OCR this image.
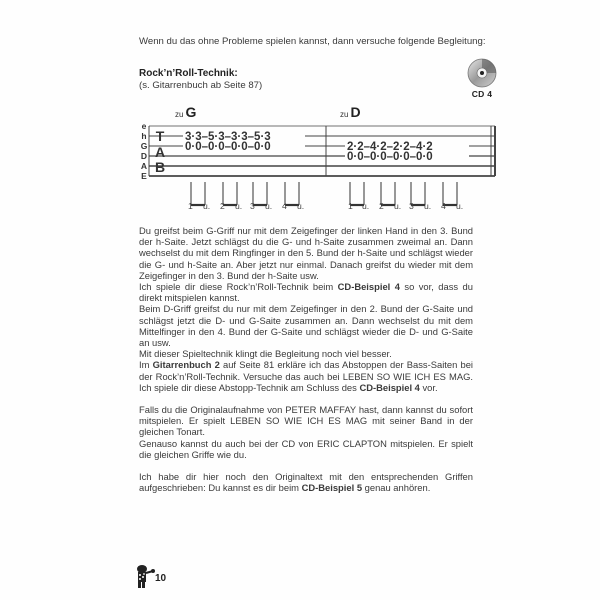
Wenn du das ohne Probleme spielen kannst, dann versuche folgende Begleitung:
Rock’n’Roll-Technik:
(s. Gitarrenbuch ab Seite 87)
CD 4
zu G	zu D
e
h
G
D
A
E
T
A
B
3·3–5·3–3·3–5·3
0·0–0·0–0·0–0·0	2·2–4·2–2·2–4·2
0·0–0·0–0·0–0·0
1 u. 2 u. 3 u. 4 u.	1 u. 2 u. 3 u. 4 u.

Du greifst beim G-Griff nur mit dem Zeigefinger der linken Hand in den 3. Bund der h-Saite. Jetzt schlägst du die G- und h-Saite zusammen zweimal an. Dann wechselst du mit dem Ringfinger in den 5. Bund der h-Saite und schlägst wieder die G- und h-Saite an. Aber jetzt nur einmal. Danach greifst du wieder mit dem Zeigefinger in den 3. Bund der h-Saite usw.

Ich spiele dir diese Rock’n’Roll-Technik beim CD-Beispiel 4 so vor, dass du direkt mitspielen kannst.

Beim D-Griff greifst du nur mit dem Zeigefinger in den 2. Bund der G-Saite und schlägst jetzt die D- und G-Saite zusammen an. Dann wechselst du mit dem Mittelfinger in den 4. Bund der G-Saite und schlägst wieder die D- und G-Saite an usw.

Mit dieser Spieltechnik klingt die Begleitung noch viel besser.

Im Gitarrenbuch 2 auf Seite 81 erkläre ich das Abstoppen der Bass-Saiten bei der Rock’n’Roll-Technik. Versuche das auch bei LEBEN SO WIE ICH ES MAG. Ich spiele dir diese Abstopp-Technik am Schluss des CD-Beispiel 4 vor.

Falls du die Originalaufnahme von PETER MAFFAY hast, dann kannst du sofort mitspielen. Er spielt LEBEN SO WIE ICH ES MAG mit seiner Band in der gleichen Tonart.

Genauso kannst du auch bei der CD von ERIC CLAPTON mitspielen. Er spielt die gleichen Griffe wie du.

Ich habe dir hier noch den Originaltext mit den entsprechenden Griffen aufgeschrieben: Du kannst es dir beim CD-Beispiel 5 genau anhören.

10
